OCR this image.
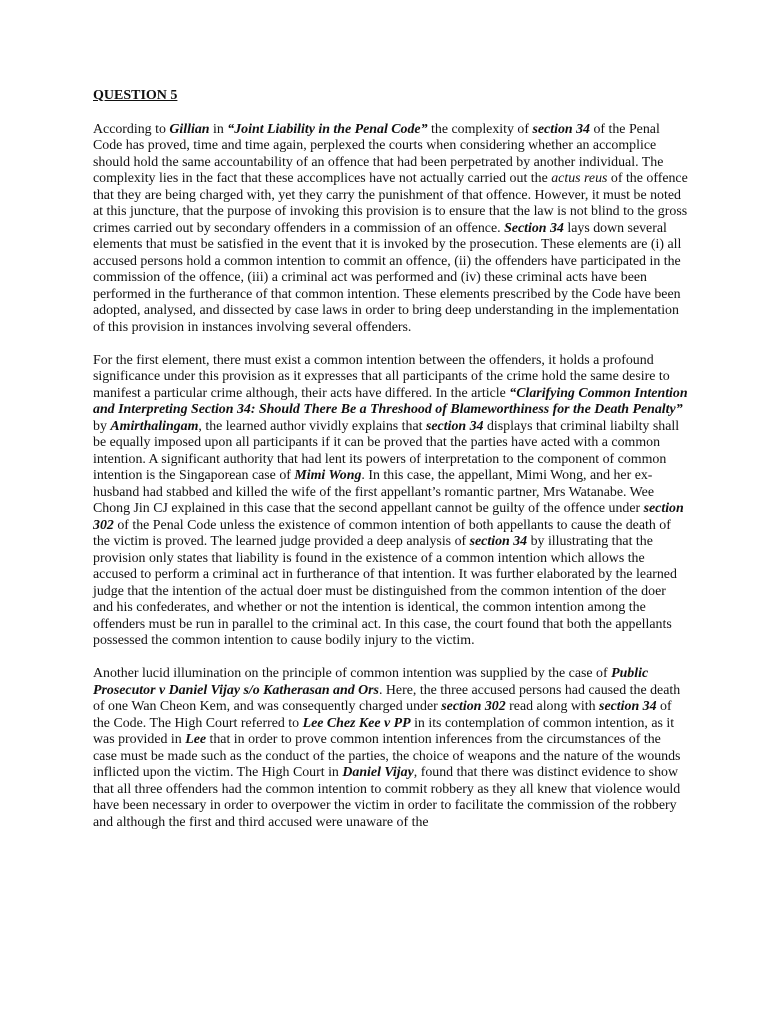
QUESTION 5

According to Gillian in “Joint Liability in the Penal Code” the complexity of section 34 of the Penal Code has proved, time and time again, perplexed the courts when considering whether an accomplice should hold the same accountability of an offence that had been perpetrated by another individual. The complexity lies in the fact that these accomplices have not actually carried out the actus reus of the offence that they are being charged with, yet they carry the punishment of that offence. However, it must be noted at this juncture, that the purpose of invoking this provision is to ensure that the law is not blind to the gross crimes carried out by secondary offenders in a commission of an offence. Section 34 lays down several elements that must be satisfied in the event that it is invoked by the prosecution. These elements are (i) all accused persons hold a common intention to commit an offence, (ii) the offenders have participated in the commission of the offence, (iii) a criminal act was performed and (iv) these criminal acts have been performed in the furtherance of that common intention. These elements prescribed by the Code have been adopted, analysed, and dissected by case laws in order to bring deep understanding in the implementation of this provision in instances involving several offenders.

For the first element, there must exist a common intention between the offenders, it holds a profound significance under this provision as it expresses that all participants of the crime hold the same desire to manifest a particular crime although, their acts have differed. In the article “Clarifying Common Intention and Interpreting Section 34: Should There Be a Threshood of Blameworthiness for the Death Penalty” by Amirthalingam, the learned author vividly explains that section 34 displays that criminal liabilty shall be equally imposed upon all participants if it can be proved that the parties have acted with a common intention. A significant authority that had lent its powers of interpretation to the component of common intention is the Singaporean case of Mimi Wong. In this case, the appellant, Mimi Wong, and her ex-husband had stabbed and killed the wife of the first appellant’s romantic partner, Mrs Watanabe. Wee Chong Jin CJ explained in this case that the second appellant cannot be guilty of the offence under section 302 of the Penal Code unless the existence of common intention of both appellants to cause the death of the victim is proved. The learned judge provided a deep analysis of section 34 by illustrating that the provision only states that liability is found in the existence of a common intention which allows the accused to perform a criminal act in furtherance of that intention. It was further elaborated by the learned judge that the intention of the actual doer must be distinguished from the common intention of the doer and his confederates, and whether or not the intention is identical, the common intention among the offenders must be run in parallel to the criminal act. In this case, the court found that both the appellants possessed the common intention to cause bodily injury to the victim.

Another lucid illumination on the principle of common intention was supplied by the case of Public Prosecutor v Daniel Vijay s/o Katherasan and Ors. Here, the three accused persons had caused the death of one Wan Cheon Kem, and was consequently charged under section 302 read along with section 34 of the Code. The High Court referred to Lee Chez Kee v PP in its contemplation of common intention, as it was provided in Lee that in order to prove common intention inferences from the circumstances of the case must be made such as the conduct of the parties, the choice of weapons and the nature of the wounds inflicted upon the victim. The High Court in Daniel Vijay, found that there was distinct evidence to show that all three offenders had the common intention to commit robbery as they all knew that violence would have been necessary in order to overpower the victim in order to facilitate the commission of the robbery and although the first and third accused were unaware of the
